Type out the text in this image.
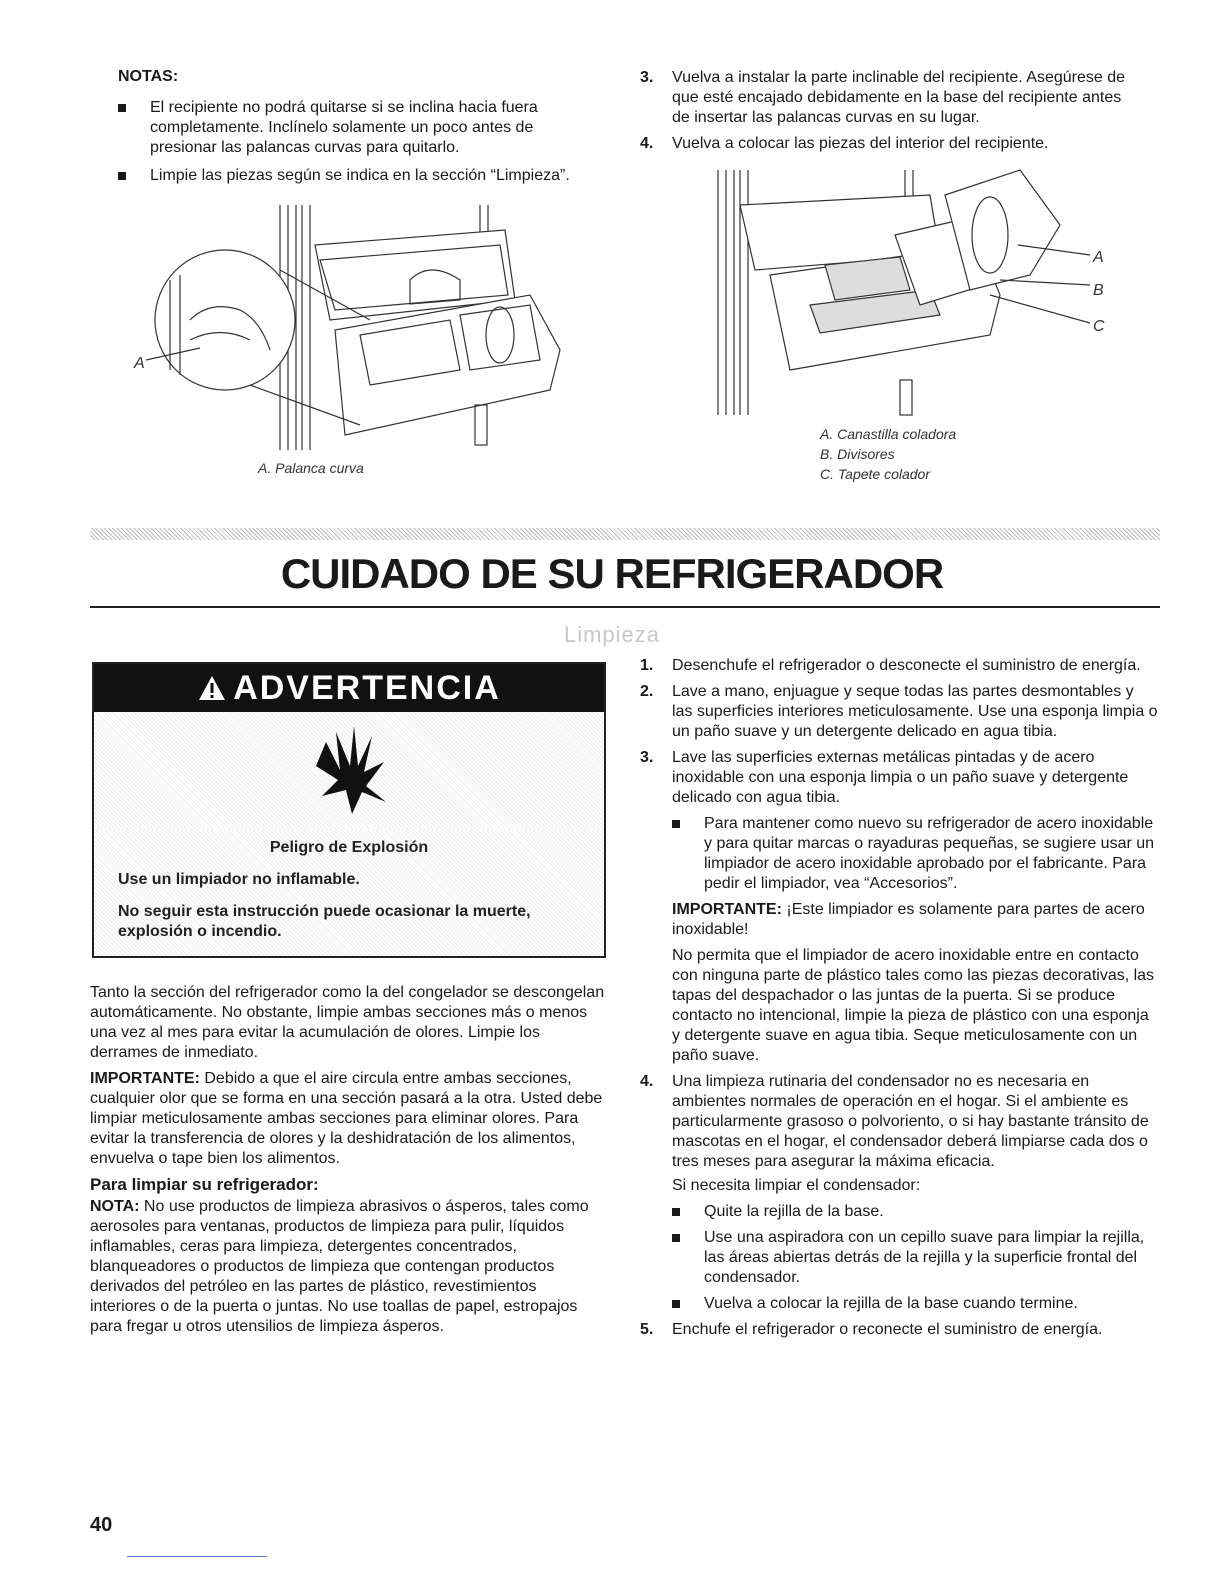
NOTAS:
El recipiente no podrá quitarse si se inclina hacia fuera completamente. Inclínelo solamente un poco antes de presionar las palancas curvas para quitarlo.
Limpie las piezas según se indica en la sección “Limpieza”.
3. Vuelva a instalar la parte inclinable del recipiente. Asegúrese de que esté encajado debidamente en la base del recipiente antes de insertar las palancas curvas en su lugar.
4. Vuelva a colocar las piezas del interior del recipiente.
A
A. Palanca curva
A
B
C
A. Canastilla coladora
B. Divisores
C. Tapete colador
CUIDADO DE SU REFRIGERADOR
Limpieza
ADVERTENCIA

Peligro de Explosión

Use un limpiador no inflamable.

No seguir esta instrucción puede ocasionar la muerte, explosión o incendio.

Tanto la sección del refrigerador como la del congelador se descongelan automáticamente. No obstante, limpie ambas secciones más o menos una vez al mes para evitar la acumulación de olores. Limpie los derrames de inmediato.

IMPORTANTE: Debido a que el aire circula entre ambas secciones, cualquier olor que se forma en una sección pasará a la otra. Usted debe limpiar meticulosamente ambas secciones para eliminar olores. Para evitar la transferencia de olores y la deshidratación de los alimentos, envuelva o tape bien los alimentos.

Para limpiar su refrigerador:

NOTA: No use productos de limpieza abrasivos o ásperos, tales como aerosoles para ventanas, productos de limpieza para pulir, líquidos inflamables, ceras para limpieza, detergentes concentrados, blanqueadores o productos de limpieza que contengan productos derivados del petróleo en las partes de plástico, revestimientos interiores o de la puerta o juntas. No use toallas de papel, estropajos para fregar u otros utensilios de limpieza ásperos.

1. Desenchufe el refrigerador o desconecte el suministro de energía.
2. Lave a mano, enjuague y seque todas las partes desmontables y las superficies interiores meticulosamente. Use una esponja limpia o un paño suave y un detergente delicado en agua tibia.
3. Lave las superficies externas metálicas pintadas y de acero inoxidable con una esponja limpia o un paño suave y detergente delicado con agua tibia.
Para mantener como nuevo su refrigerador de acero inoxidable y para quitar marcas o rayaduras pequeñas, se sugiere usar un limpiador de acero inoxidable aprobado por el fabricante. Para pedir el limpiador, vea “Accesorios”.

IMPORTANTE: ¡Este limpiador es solamente para partes de acero inoxidable!

No permita que el limpiador de acero inoxidable entre en contacto con ninguna parte de plástico tales como las piezas decorativas, las tapas del despachador o las juntas de la puerta. Si se produce contacto no intencional, limpie la pieza de plástico con una esponja y detergente suave en agua tibia. Seque meticulosamente con un paño suave.

4. Una limpieza rutinaria del condensador no es necesaria en ambientes normales de operación en el hogar. Si el ambiente es particularmente grasoso o polvoriento, o si hay bastante tránsito de mascotas en el hogar, el condensador deberá limpiarse cada dos o tres meses para asegurar la máxima eficacia.

Si necesita limpiar el condensador:

Quite la rejilla de la base.
Use una aspiradora con un cepillo suave para limpiar la rejilla, las áreas abiertas detrás de la rejilla y la superficie frontal del condensador.
Vuelva a colocar la rejilla de la base cuando termine.
5. Enchufe el refrigerador o reconecte el suministro de energía.
40
